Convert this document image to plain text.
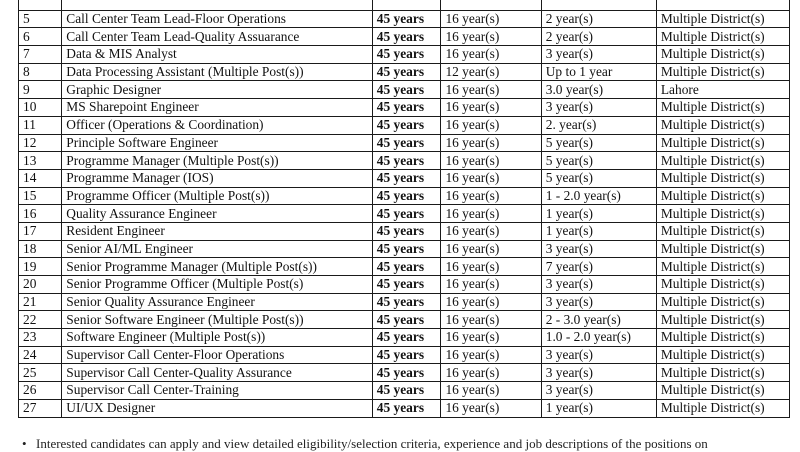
5	Call Center Team Lead-Floor Operations	45 years	16 year(s)	2 year(s)	Multiple District(s)
6	Call Center Team Lead-Quality Assuarance	45 years	16 year(s)	2 year(s)	Multiple District(s)
7	Data & MIS Analyst	45 years	16 year(s)	3 year(s)	Multiple District(s)
8	Data Processing Assistant (Multiple Post(s))	45 years	12 year(s)	Up to 1 year	Multiple District(s)
9	Graphic Designer	45 years	16 year(s)	3.0 year(s)	Lahore
10	MS Sharepoint Engineer	45 years	16 year(s)	3 year(s)	Multiple District(s)
11	Officer (Operations & Coordination)	45 years	16 year(s)	2. year(s)	Multiple District(s)
12	Principle Software Engineer	45 years	16 year(s)	5 year(s)	Multiple District(s)
13	Programme Manager (Multiple Post(s))	45 years	16 year(s)	5 year(s)	Multiple District(s)
14	Programme Manager (IOS)	45 years	16 year(s)	5 year(s)	Multiple District(s)
15	Programme Officer (Multiple Post(s))	45 years	16 year(s)	1 - 2.0 year(s)	Multiple District(s)
16	Quality Assurance Engineer	45 years	16 year(s)	1 year(s)	Multiple District(s)
17	Resident Engineer	45 years	16 year(s)	1 year(s)	Multiple District(s)
18	Senior AI/ML Engineer	45 years	16 year(s)	3 year(s)	Multiple District(s)
19	Senior Programme Manager (Multiple Post(s))	45 years	16 year(s)	7 year(s)	Multiple District(s)
20	Senior Programme Officer (Multiple Post(s)	45 years	16 year(s)	3 year(s)	Multiple District(s)
21	Senior Quality Assurance Engineer	45 years	16 year(s)	3 year(s)	Multiple District(s)
22	Senior Software Engineer (Multiple Post(s))	45 years	16 year(s)	2 - 3.0 year(s)	Multiple District(s)
23	Software Engineer (Multiple Post(s))	45 years	16 year(s)	1.0 - 2.0 year(s)	Multiple District(s)
24	Supervisor Call Center-Floor Operations	45 years	16 year(s)	3 year(s)	Multiple District(s)
25	Supervisor Call Center-Quality Assurance	45 years	16 year(s)	3 year(s)	Multiple District(s)
26	Supervisor Call Center-Training	45 years	16 year(s)	3 year(s)	Multiple District(s)
27	UI/UX Designer	45 years	16 year(s)	1 year(s)	Multiple District(s)
• Interested candidates can apply and view detailed eligibility/selection criteria, experience and job descriptions of the positions on
